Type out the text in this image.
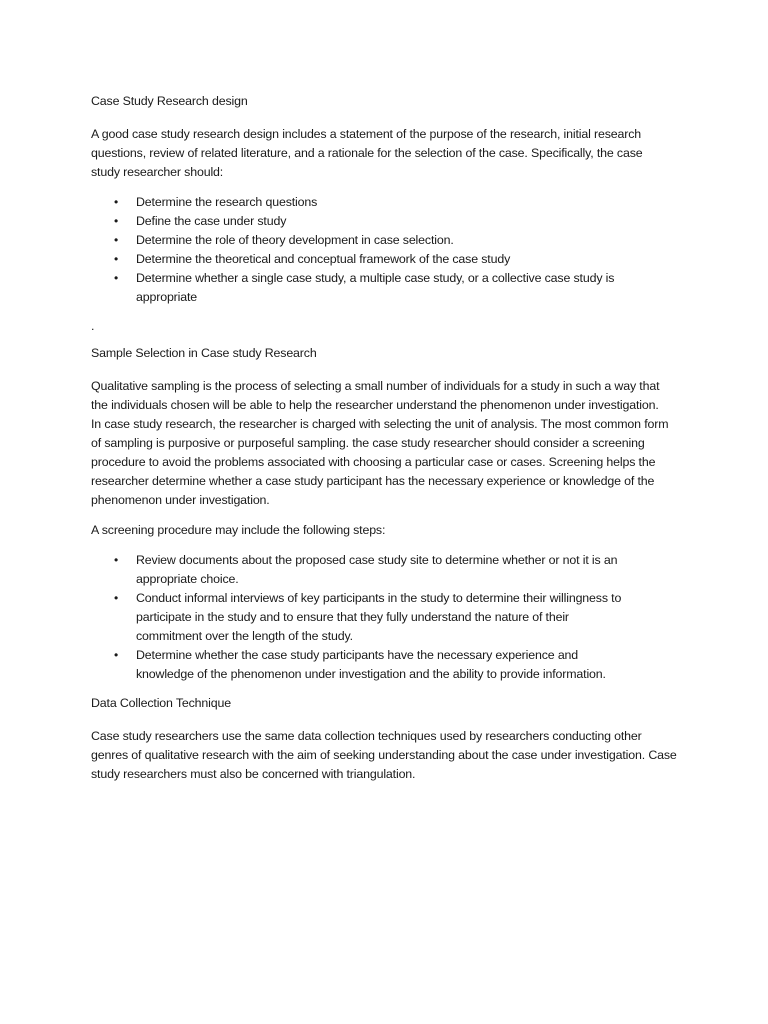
Case Study Research design

A good case study research design includes a statement of the purpose of the research, initial research questions, review of related literature, and a rationale for the selection of the case. Specifically, the case study researcher should:

• Determine the research questions
• Define the case under study
• Determine the role of theory development in case selection.
• Determine the theoretical and conceptual framework of the case study
• Determine whether a single case study, a multiple case study, or a collective case study is appropriate
.
Sample Selection in Case study Research

Qualitative sampling is the process of selecting a small number of individuals for a study in such a way that the individuals chosen will be able to help the researcher understand the phenomenon under investigation. In case study research, the researcher is charged with selecting the unit of analysis. The most common form of sampling is purposive or purposeful sampling. the case study researcher should consider a screening procedure to avoid the problems associated with choosing a particular case or cases. Screening helps the researcher determine whether a case study participant has the necessary experience or knowledge of the phenomenon under investigation.

A screening procedure may include the following steps:

• Review documents about the proposed case study site to determine whether or not it is an appropriate choice.
• Conduct informal interviews of key participants in the study to determine their willingness to participate in the study and to ensure that they fully understand the nature of their commitment over the length of the study.
• Determine whether the case study participants have the necessary experience and knowledge of the phenomenon under investigation and the ability to provide information.
Data Collection Technique

Case study researchers use the same data collection techniques used by researchers conducting other genres of qualitative research with the aim of seeking understanding about the case under investigation. Case study researchers must also be concerned with triangulation.
